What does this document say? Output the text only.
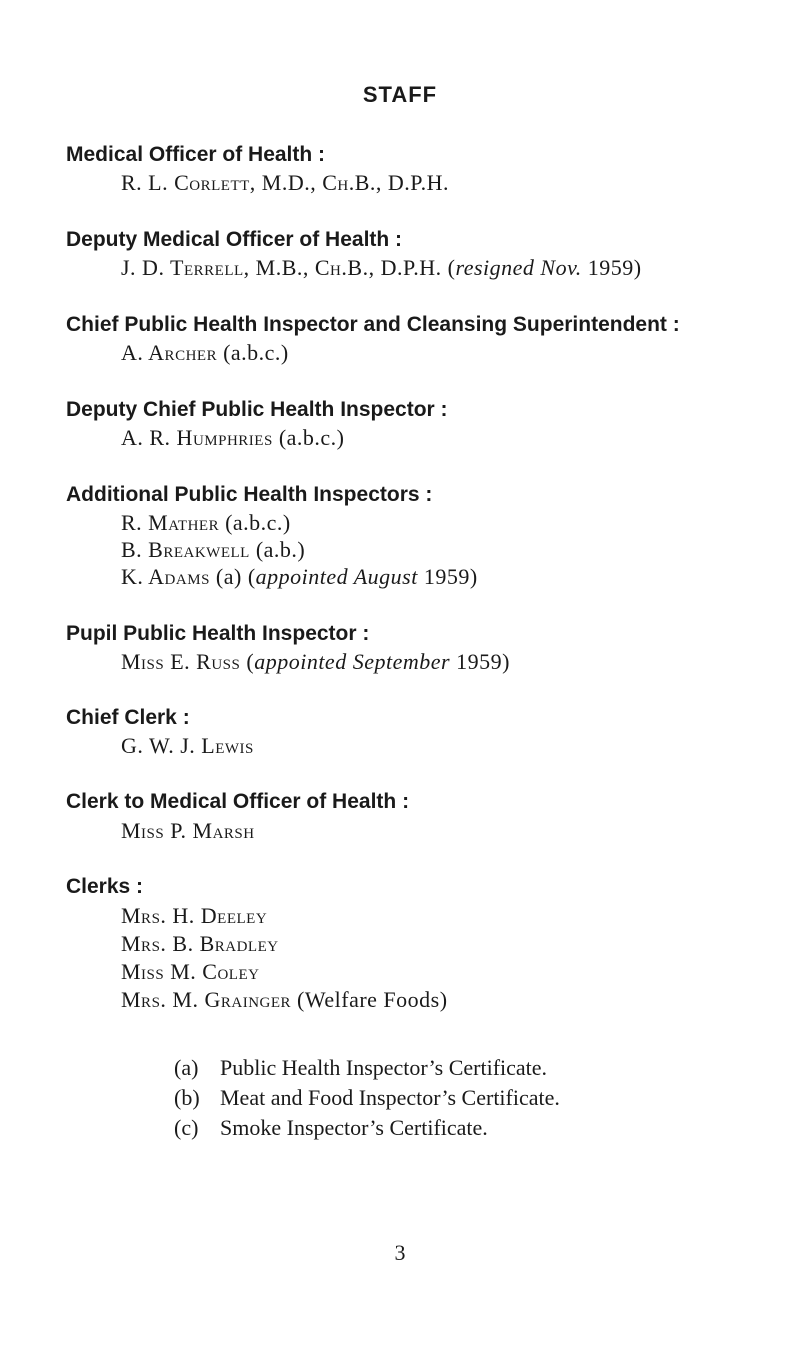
STAFF
Medical Officer of Health :
R. L. Corlett, M.D., Ch.B., D.P.H.
Deputy Medical Officer of Health :
J. D. Terrell, M.B., Ch.B., D.P.H. (resigned Nov. 1959)
Chief Public Health Inspector and Cleansing Superintendent :
A. Archer (a.b.c.)
Deputy Chief Public Health Inspector :
A. R. Humphries (a.b.c.)
Additional Public Health Inspectors :
R. Mather (a.b.c.)
B. Breakwell (a.b.)
K. Adams (a) (appointed August 1959)
Pupil Public Health Inspector :
Miss E. Russ (appointed September 1959)
Chief Clerk :
G. W. J. Lewis
Clerk to Medical Officer of Health :
Miss P. Marsh
Clerks :
Mrs. H. Deeley
Mrs. B. Bradley
Miss M. Coley
Mrs. M. Grainger (Welfare Foods)
(a) Public Health Inspector’s Certificate.
(b) Meat and Food Inspector’s Certificate.
(c) Smoke Inspector’s Certificate.
3
